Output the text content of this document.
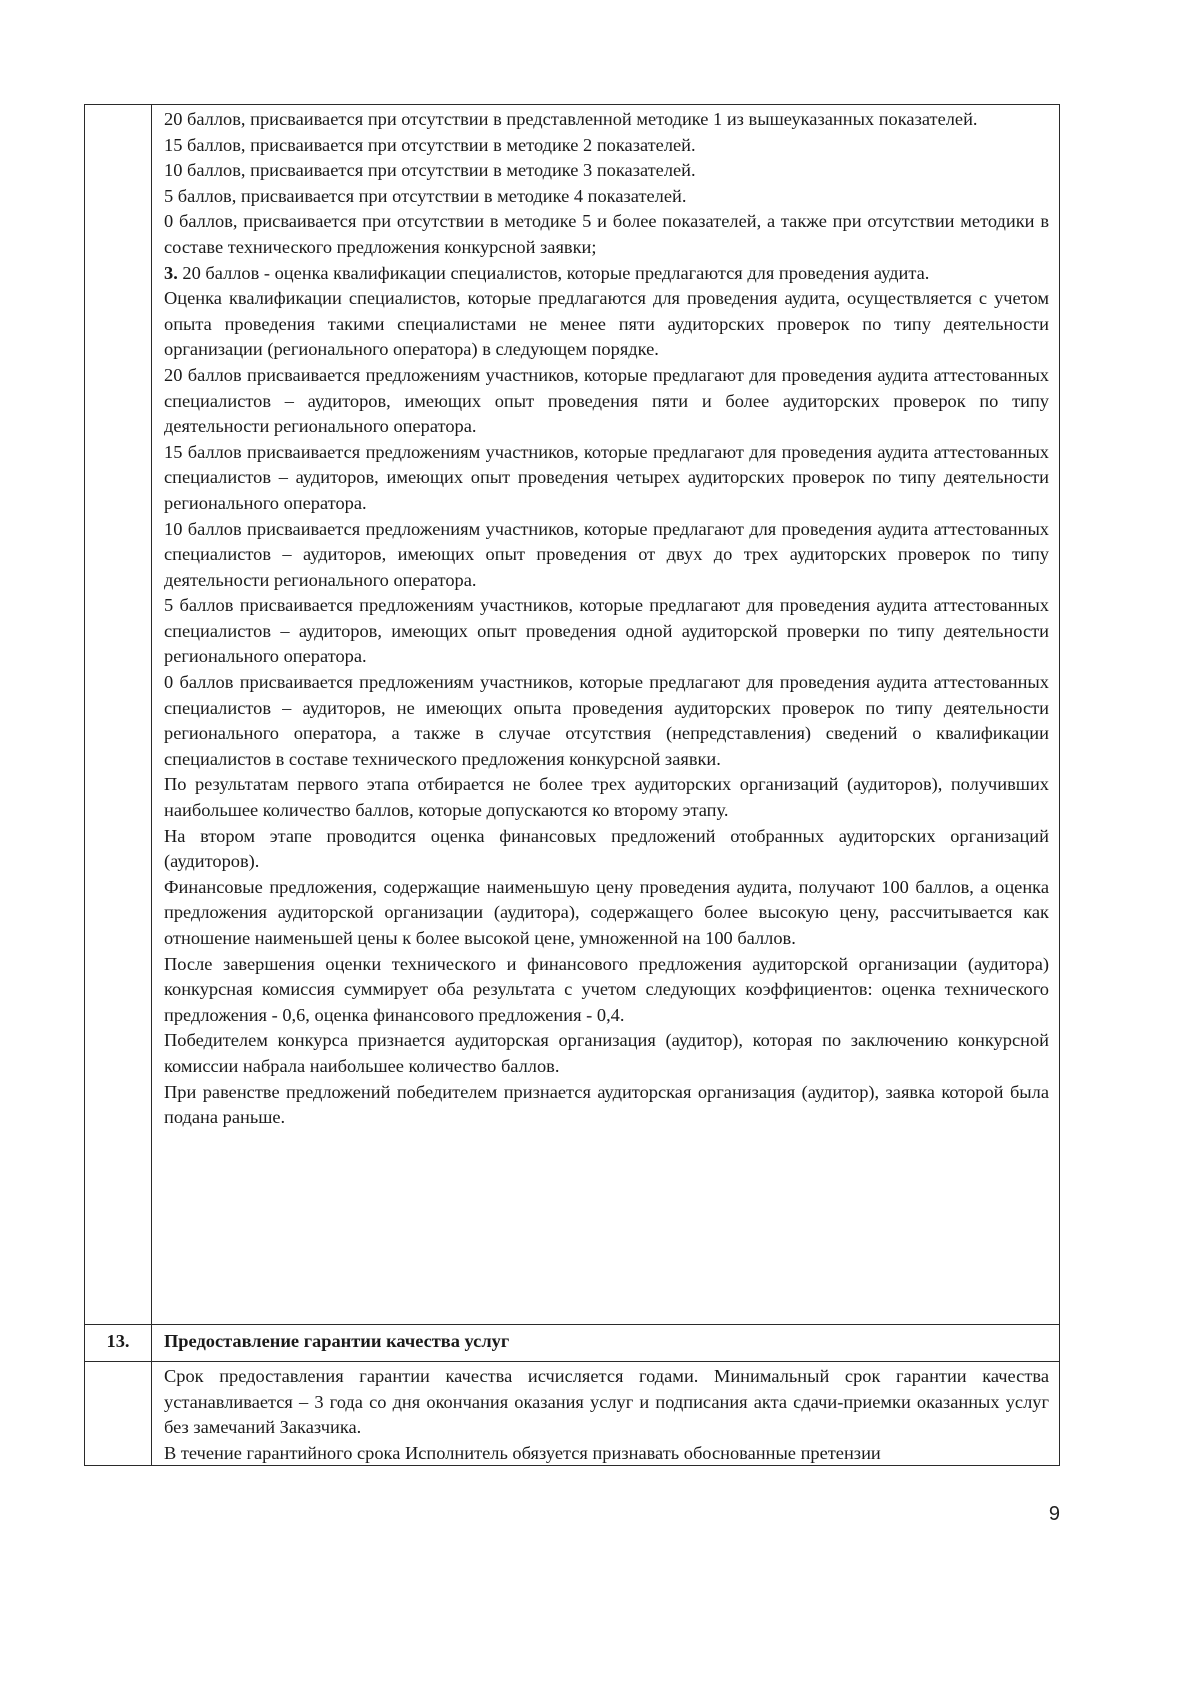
20 баллов, присваивается при отсутствии в представленной методике 1 из вышеуказанных показателей.

15 баллов, присваивается при отсутствии в методике 2 показателей.

10 баллов, присваивается при отсутствии в методике 3 показателей.

5 баллов, присваивается при отсутствии в методике 4 показателей.

0 баллов, присваивается при отсутствии в методике 5 и более показателей, а также при отсутствии методики в составе технического предложения конкурсной заявки;

3. 20 баллов - оценка квалификации специалистов, которые предлагаются для проведения аудита.

Оценка квалификации специалистов, которые предлагаются для проведения аудита, осуществляется с учетом опыта проведения такими специалистами не менее пяти аудиторских проверок по типу деятельности организации (регионального оператора) в следующем порядке.

20 баллов присваивается предложениям участников, которые предлагают для проведения аудита аттестованных специалистов – аудиторов, имеющих опыт проведения пяти и более аудиторских проверок по типу деятельности регионального оператора.

15 баллов присваивается предложениям участников, которые предлагают для проведения аудита аттестованных специалистов – аудиторов, имеющих опыт проведения четырех аудиторских проверок по типу деятельности регионального оператора.

10 баллов присваивается предложениям участников, которые предлагают для проведения аудита аттестованных специалистов – аудиторов, имеющих опыт проведения от двух до трех аудиторских проверок по типу деятельности регионального оператора.

5 баллов присваивается предложениям участников, которые предлагают для проведения аудита аттестованных специалистов – аудиторов, имеющих опыт проведения одной аудиторской проверки по типу деятельности регионального оператора.

0 баллов присваивается предложениям участников, которые предлагают для проведения аудита аттестованных специалистов – аудиторов, не имеющих опыта проведения аудиторских проверок по типу деятельности регионального оператора, а также в случае отсутствия (непредставления) сведений о квалификации специалистов в составе технического предложения конкурсной заявки.

По результатам первого этапа отбирается не более трех аудиторских организаций (аудиторов), получивших наибольшее количество баллов, которые допускаются ко второму этапу.

На втором этапе проводится оценка финансовых предложений отобранных аудиторских организаций (аудиторов).

Финансовые предложения, содержащие наименьшую цену проведения аудита, получают 100 баллов, а оценка предложения аудиторской организации (аудитора), содержащего более высокую цену, рассчитывается как отношение наименьшей цены к более высокой цене, умноженной на 100 баллов.

После завершения оценки технического и финансового предложения аудиторской организации (аудитора) конкурсная комиссия суммирует оба результата с учетом следующих коэффициентов: оценка технического предложения - 0,6, оценка финансового предложения - 0,4.

Победителем конкурса признается аудиторская организация (аудитор), которая по заключению конкурсной комиссии набрала наибольшее количество баллов.

При равенстве предложений победителем признается аудиторская организация (аудитор), заявка которой была подана раньше.

13.	Предоставление гарантии качества услуг

Срок предоставления гарантии качества исчисляется годами. Минимальный срок гарантии качества устанавливается – 3 года со дня окончания оказания услуг и подписания акта сдачи-приемки оказанных услуг без замечаний Заказчика.

В течение гарантийного срока Исполнитель обязуется признавать обоснованные претензии

9
